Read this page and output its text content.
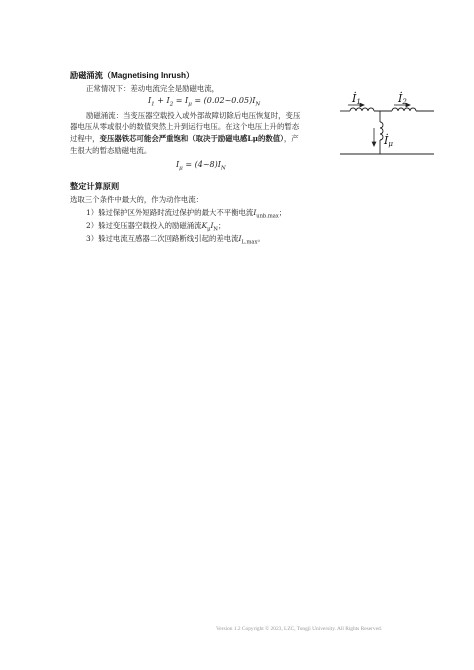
励磁涌流（Magnetising Inrush）
正常情况下：差动电流完全是励磁电流，
$I_1 + I_2 = I_\mu$ = $(0.02\sim 0.05)I_N$
励磁涌流：当变压器空载投入或外部故障切除后电压恢复时，变压
器电压从零或很小的数值突然上升到运行电压。在这个电压上升的暂态
过程中，变压器铁芯可能会严重饱和（取决于励磁电感Lμ的数值），产
生很大的暂态励磁电流。
$I_\mu$ = $(4\sim 8)I_N$
İ1	İ2
İμ
整定计算原则
选取三个条件中最大的，作为动作电流：
1）躲过保护区外短路时流过保护的最大不平衡电流$I_{unb.max}$；
2）躲过变压器空载投入的励磁涌流$K_\mu I_N$；
3）躲过电流互感器二次回路断线引起的差电流$I_{L.max}$。
Version 1.2 Copyright © 2023, LZC, Tongji University. All Rights Reserved.
